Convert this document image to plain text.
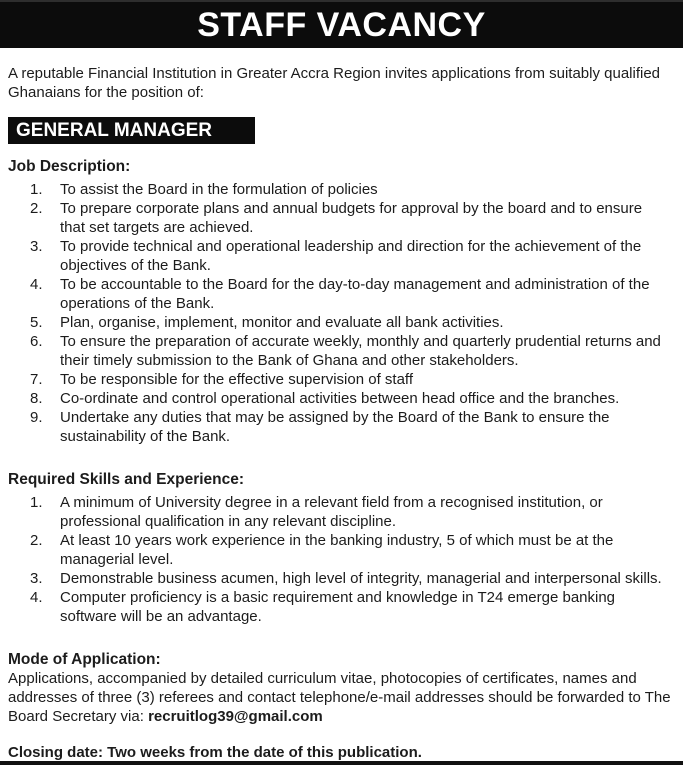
STAFF VACANCY

A reputable Financial Institution in Greater Accra Region invites applications from suitably qualified Ghanaians for the position of:

GENERAL MANAGER
Job Description:
To assist the Board in the formulation of policies
To prepare corporate plans and annual budgets for approval by the board and to ensure that set targets are achieved.
To provide technical and operational leadership and direction for the achievement of the objectives of the Bank.
To be accountable to the Board for the day-to-day management and administration of the operations of the Bank.
Plan, organise, implement, monitor and evaluate all bank activities.
To ensure the preparation of accurate weekly, monthly and quarterly prudential returns and their timely submission to the Bank of Ghana and other stakeholders.
To be responsible for the effective supervision of staff
Co-ordinate and control operational activities between head office and the branches.
Undertake any duties that may be assigned by the Board of the Bank to ensure the sustainability of the Bank.
Required Skills and Experience:
A minimum of University degree in a relevant field from a recognised institution, or professional qualification in any relevant discipline.
At least 10 years work experience in the banking industry, 5 of which must be at the managerial level.
Demonstrable business acumen, high level of integrity, managerial and interpersonal skills.
Computer proficiency is a basic requirement and knowledge in T24 emerge banking software will be an advantage.
Mode of Application:

Applications, accompanied by detailed curriculum vitae, photocopies of certificates, names and addresses of three (3) referees and contact telephone/e-mail addresses should be forwarded to The Board Secretary via: recruitlog39@gmail.com

Closing date: Two weeks from the date of this publication.
